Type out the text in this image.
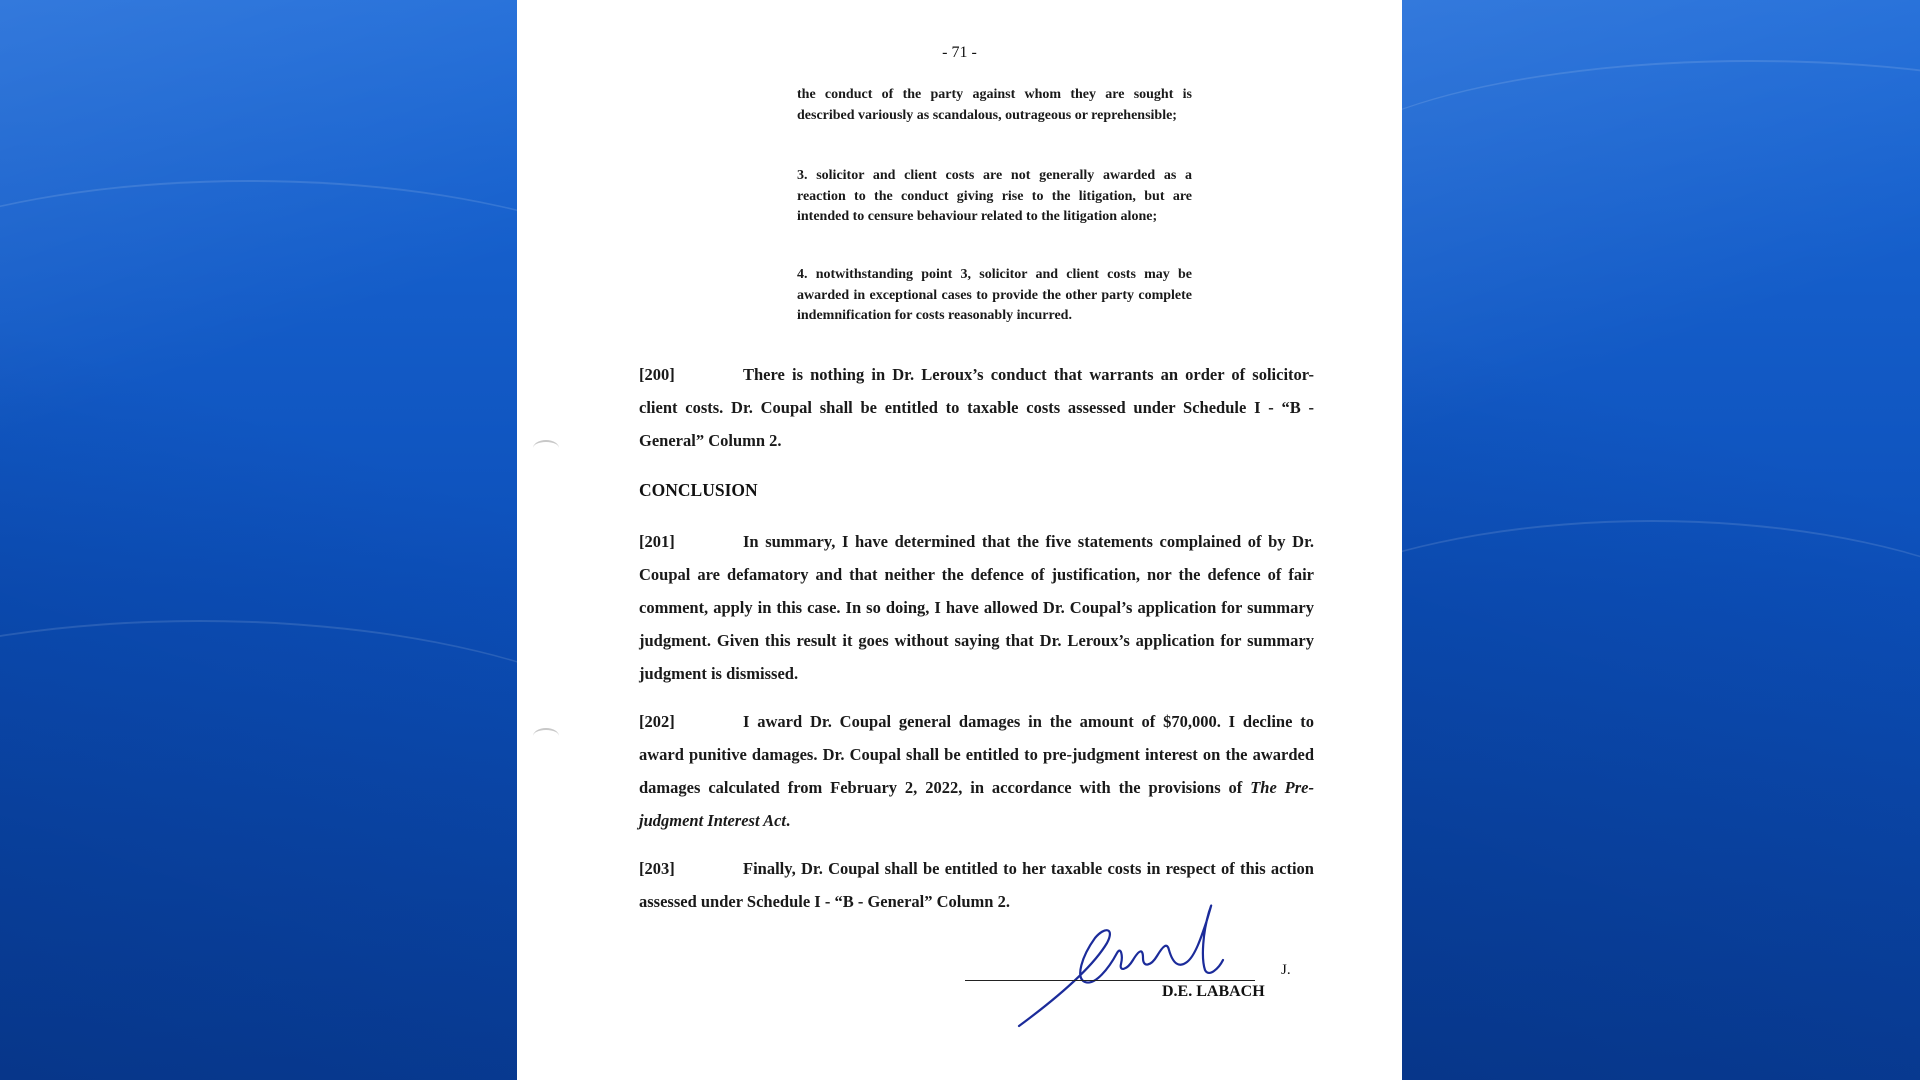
- 71 -
the conduct of the party against whom they are sought is described variously as scandalous, outrageous or reprehensible;
3. solicitor and client costs are not generally awarded as a reaction to the conduct giving rise to the litigation, but are intended to censure behaviour related to the litigation alone;
4. notwithstanding point 3, solicitor and client costs may be awarded in exceptional cases to provide the other party complete indemnification for costs reasonably incurred.
[200]	There is nothing in Dr. Leroux’s conduct that warrants an order of solicitor-client costs. Dr. Coupal shall be entitled to taxable costs assessed under Schedule I - “B - General” Column 2.
CONCLUSION
[201]	In summary, I have determined that the five statements complained of by Dr. Coupal are defamatory and that neither the defence of justification, nor the defence of fair comment, apply in this case. In so doing, I have allowed Dr. Coupal’s application for summary judgment. Given this result it goes without saying that Dr. Leroux’s application for summary judgment is dismissed.
[202]	I award Dr. Coupal general damages in the amount of $70,000. I decline to award punitive damages. Dr. Coupal shall be entitled to pre-judgment interest on the awarded damages calculated from February 2, 2022, in accordance with the provisions of The Pre-judgment Interest Act.
[203]	Finally, Dr. Coupal shall be entitled to her taxable costs in respect of this action assessed under Schedule I - “B - General” Column 2.
J.
D.E. LABACH
